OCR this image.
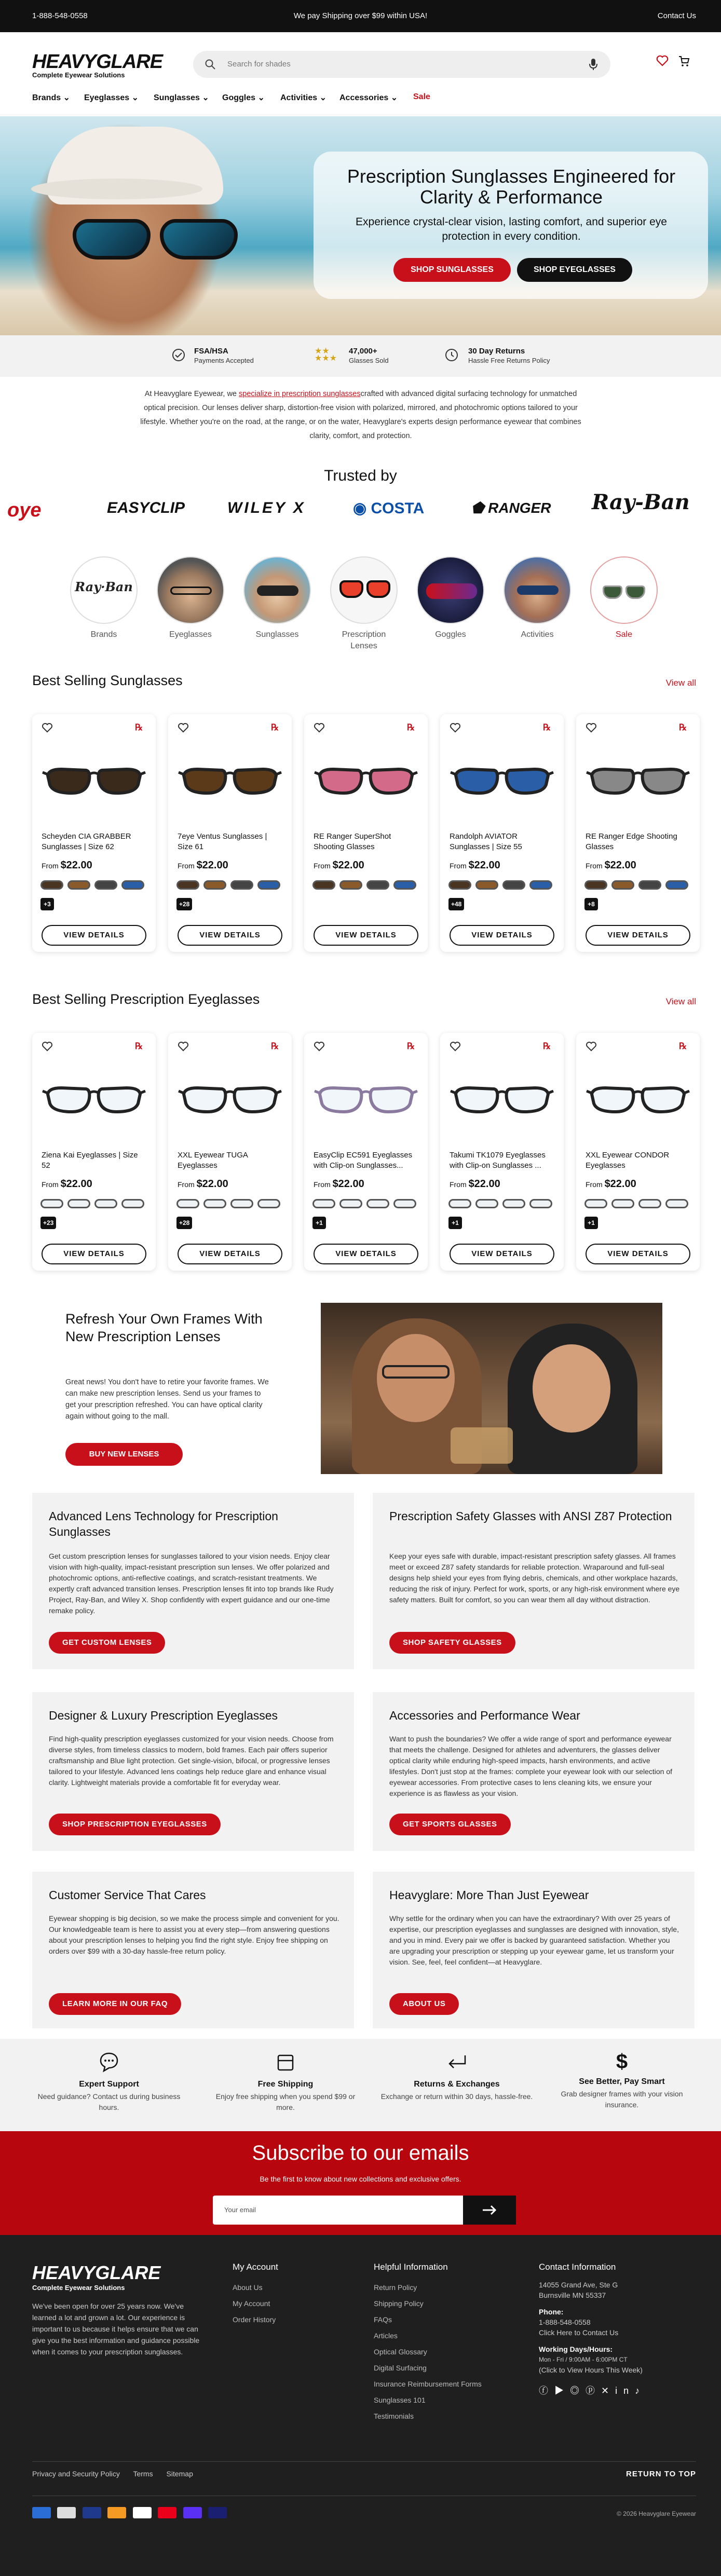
1-888-548-0558	We pay Shipping over $99 within USA!	Contact Us
HEAVYGLARE
Complete Eyewear Solutions
Search for shades
Brands ⌄ Eyeglasses ⌄ Sunglasses ⌄ Goggles ⌄ Activities ⌄ Accessories ⌄ Sale
Prescription Sunglasses Engineered for Clarity & Performance

Experience crystal-clear vision, lasting comfort, and superior eye protection in every condition.

SHOP SUNGLASSES	SHOP EYEGLASSES
FSA/HSA
Payments Accepted
★★
★★★
47,000+
Glasses Sold
30 Day Returns
Hassle Free Returns Policy
At Heavyglare Eyewear, we specialize in prescription sunglassescrafted with advanced digital surfacing technology for unmatched optical precision. Our lenses deliver sharp, distortion-free vision with polarized, mirrored, and photochromic options tailored to your lifestyle. Whether you're on the road, at the range, or on the water, Heavyglare's experts design performance eyewear that combines clarity, comfort, and protection.
Trusted by
oye	EASYCLIP	WILEY X	◉ COSTA	⬟ RANGER Ray-Ban
Ray·Ban
Brands	Eyeglasses	Sunglasses	Prescription Lenses
Goggles	Activities	Sale
Best Selling Sunglasses	View all
℞
Scheyden CIA GRABBER Sunglasses | Size 62
From $22.00
+3
VIEW DETAILS
℞
7eye Ventus Sunglasses | Size 61
From $22.00
+28
VIEW DETAILS
℞
RE Ranger SuperShot Shooting Glasses
From $22.00
VIEW DETAILS
℞
Randolph AVIATOR Sunglasses | Size 55
From $22.00
+48
VIEW DETAILS
℞
RE Ranger Edge Shooting Glasses
From $22.00
+8
VIEW DETAILS
Best Selling Prescription Eyeglasses	View all
℞
Ziena Kai Eyeglasses | Size 52
From $22.00
+23
VIEW DETAILS
℞
XXL Eyewear TUGA Eyeglasses
From $22.00
+28
VIEW DETAILS
℞
EasyClip EC591 Eyeglasses with Clip-on Sunglasses...
From $22.00
+1
VIEW DETAILS
℞
Takumi TK1079 Eyeglasses with Clip-on Sunglasses ...
From $22.00
+1
VIEW DETAILS
℞
XXL Eyewear CONDOR Eyeglasses
From $22.00
+1
VIEW DETAILS
Refresh Your Own Frames With New Prescription Lenses

Great news! You don't have to retire your favorite frames. We can make new prescription lenses. Send us your frames to get your prescription refreshed. You can have optical clarity again without going to the mall.

BUY NEW LENSES
Advanced Lens Technology for Prescription Sunglasses

Get custom prescription lenses for sunglasses tailored to your vision needs. Enjoy clear vision with high-quality, impact-resistant prescription sun lenses. We offer polarized and photochromic options, anti-reflective coatings, and scratch-resistant treatments. We expertly craft advanced transition lenses. Prescription lenses fit into top brands like Rudy Project, Ray-Ban, and Wiley X. Shop confidently with expert guidance and our one-time remake policy.

GET CUSTOM LENSES
Prescription Safety Glasses with ANSI Z87 Protection

Keep your eyes safe with durable, impact-resistant prescription safety glasses. All frames meet or exceed Z87 safety standards for reliable protection. Wraparound and full-seal designs help shield your eyes from flying debris, chemicals, and other workplace hazards, reducing the risk of injury. Perfect for work, sports, or any high-risk environment where eye safety matters. Built for comfort, so you can wear them all day without distraction.

SHOP SAFETY GLASSES
Designer & Luxury Prescription Eyeglasses

Find high-quality prescription eyeglasses customized for your vision needs. Choose from diverse styles, from timeless classics to modern, bold frames. Each pair offers superior craftsmanship and Blue light protection. Get single-vision, bifocal, or progressive lenses tailored to your lifestyle. Advanced lens coatings help reduce glare and enhance visual clarity. Lightweight materials provide a comfortable fit for everyday wear.

SHOP PRESCRIPTION EYEGLASSES
Accessories and Performance Wear

Want to push the boundaries? We offer a wide range of sport and performance eyewear that meets the challenge. Designed for athletes and adventurers, the glasses deliver optical clarity while enduring high-speed impacts, harsh environments, and active lifestyles. Don't just stop at the frames: complete your eyewear look with our selection of eyewear accessories. From protective cases to lens cleaning kits, we ensure your experience is as flawless as your vision.

GET SPORTS GLASSES
Customer Service That Cares

Eyewear shopping is big decision, so we make the process simple and convenient for you. Our knowledgeable team is here to assist you at every step—from answering questions about your prescription lenses to helping you find the right style. Enjoy free shipping on orders over $99 with a 30-day hassle-free return policy.

LEARN MORE IN OUR FAQ
Heavyglare: More Than Just Eyewear

Why settle for the ordinary when you can have the extraordinary? With over 25 years of expertise, our prescription eyeglasses and sunglasses are designed with innovation, style, and you in mind. Every pair we offer is backed by guaranteed satisfaction. Whether you are upgrading your prescription or stepping up your eyewear game, let us transform your vision. See, feel, feel confident—at Heavyglare.

ABOUT US
Expert Support
Need guidance? Contact us during business hours.
Free Shipping
Enjoy free shipping when you spend $99 or more.
Returns & Exchanges
Exchange or return within 30 days, hassle-free.
$
See Better, Pay Smart
Grab designer frames with your vision insurance.
Subscribe to our emails
Be the first to know about new collections and exclusive offers.
Your email
HEAVYGLARE
Complete Eyewear Solutions
We've been open for over 25 years now. We've learned a lot and grown a lot. Our experience is important to us because it helps ensure that we can give you the best information and guidance possible when it comes to your prescription sunglasses.
My Account
About Us
My Account
Order History
Helpful Information
Return Policy
Shipping Policy
FAQs
Articles
Optical Glossary
Digital Surfacing
Insurance Reimbursement Forms
Sunglasses 101
Testimonials
Contact Information
14055 Grand Ave, Ste G
Burnsville MN 55337
Phone:
1-888-548-0558
Click Here to Contact Us
Working Days/Hours:
Mon - Fri / 9:00AM - 6:00PM CT
(Click to View Hours This Week)
ⓕ▶◎ⓟ✕in♪
Privacy and Security Policy Terms Sitemap	RETURN TO TOP

© 2026 Heavyglare Eyewear
